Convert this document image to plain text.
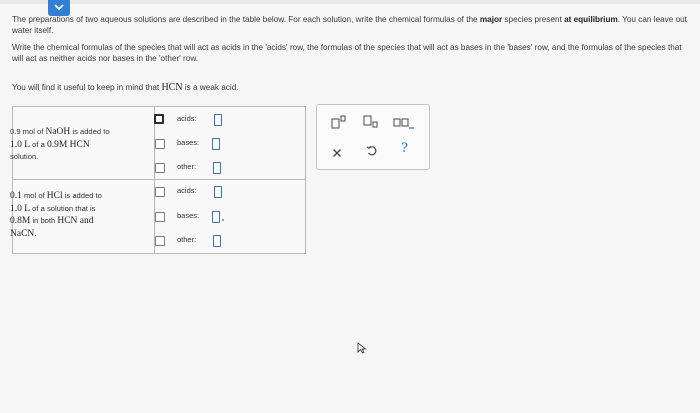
The preparations of two aqueous solutions are described in the table below. For each solution, write the chemical formulas of the major species present at equilibrium. You can leave out water itself.
Write the chemical formulas of the species that will act as acids in the 'acids' row, the formulas of the species that will act as bases in the 'bases' row, and the formulas of the species that will act as neither acids nor bases in the 'other' row.
You will find it useful to keep in mind that HCN is a weak acid.
0.9 mol of NaOH is added to
1.0 L of a 0.9M HCN
solution.
0.1 mol of HCl is added to
1.0 L of a solution that is
0.8M in both HCN and
NaCN.
acids:
bases:
other:
acids:
bases:
other:
?
